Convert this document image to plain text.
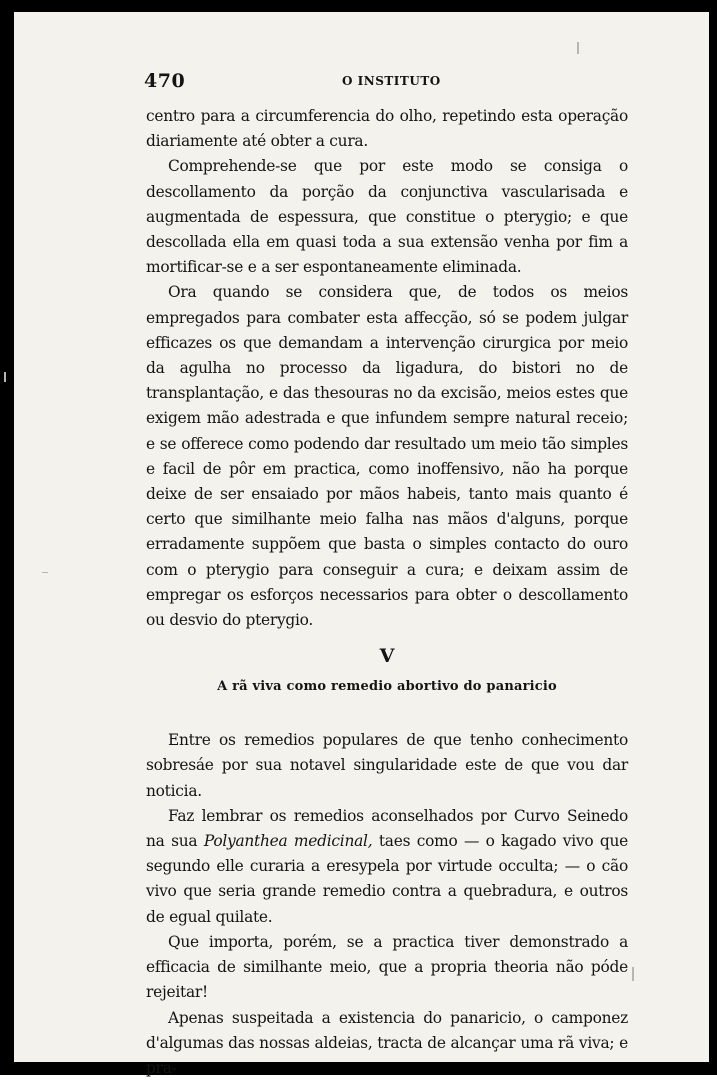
470	O INSTITUTO

centro para a circumferencia do olho, repetindo esta operação diariamente até obter a cura.

Comprehende-se que por este modo se consiga o descollamento da porção da conjunctiva vascularisada e augmentada de espessura, que constitue o pterygio; e que descollada ella em quasi toda a sua extensão venha por fim a mortificar-se e a ser espontaneamente eliminada.

Ora quando se considera que, de todos os meios empregados para combater esta affecção, só se podem julgar efficazes os que demandam a intervenção cirurgica por meio da agulha no processo da ligadura, do bistori no de transplantação, e das thesouras no da excisão, meios estes que exigem mão adestrada e que infundem sempre natural receio; e se offerece como podendo dar resultado um meio tão simples e facil de pôr em practica, como inoffensivo, não ha porque deixe de ser ensaiado por mãos habeis, tanto mais quanto é certo que similhante meio falha nas mãos d'alguns, porque erradamente suppõem que basta o simples contacto do ouro com o pterygio para conseguir a cura; e deixam assim de empregar os esforços necessarios para obter o descollamento ou desvio do pterygio.

V
A rã viva como remedio abortivo do panaricio

Entre os remedios populares de que tenho conhecimento sobresáe por sua notavel singularidade este de que vou dar noticia.

Faz lembrar os remedios aconselhados por Curvo Seinedo na sua Polyanthea medicinal, taes como — o kagado vivo que segundo elle curaria a eresypela por virtude occulta; — o cão vivo que seria grande remedio contra a quebradura, e outros de egual quilate.

Que importa, porém, se a practica tiver demonstrado a efficacia de similhante meio, que a propria theoria não póde rejeitar!

Apenas suspeitada a existencia do panaricio, o camponez d'algumas das nossas aldeias, tracta de alcançar uma rã viva; e pra-
